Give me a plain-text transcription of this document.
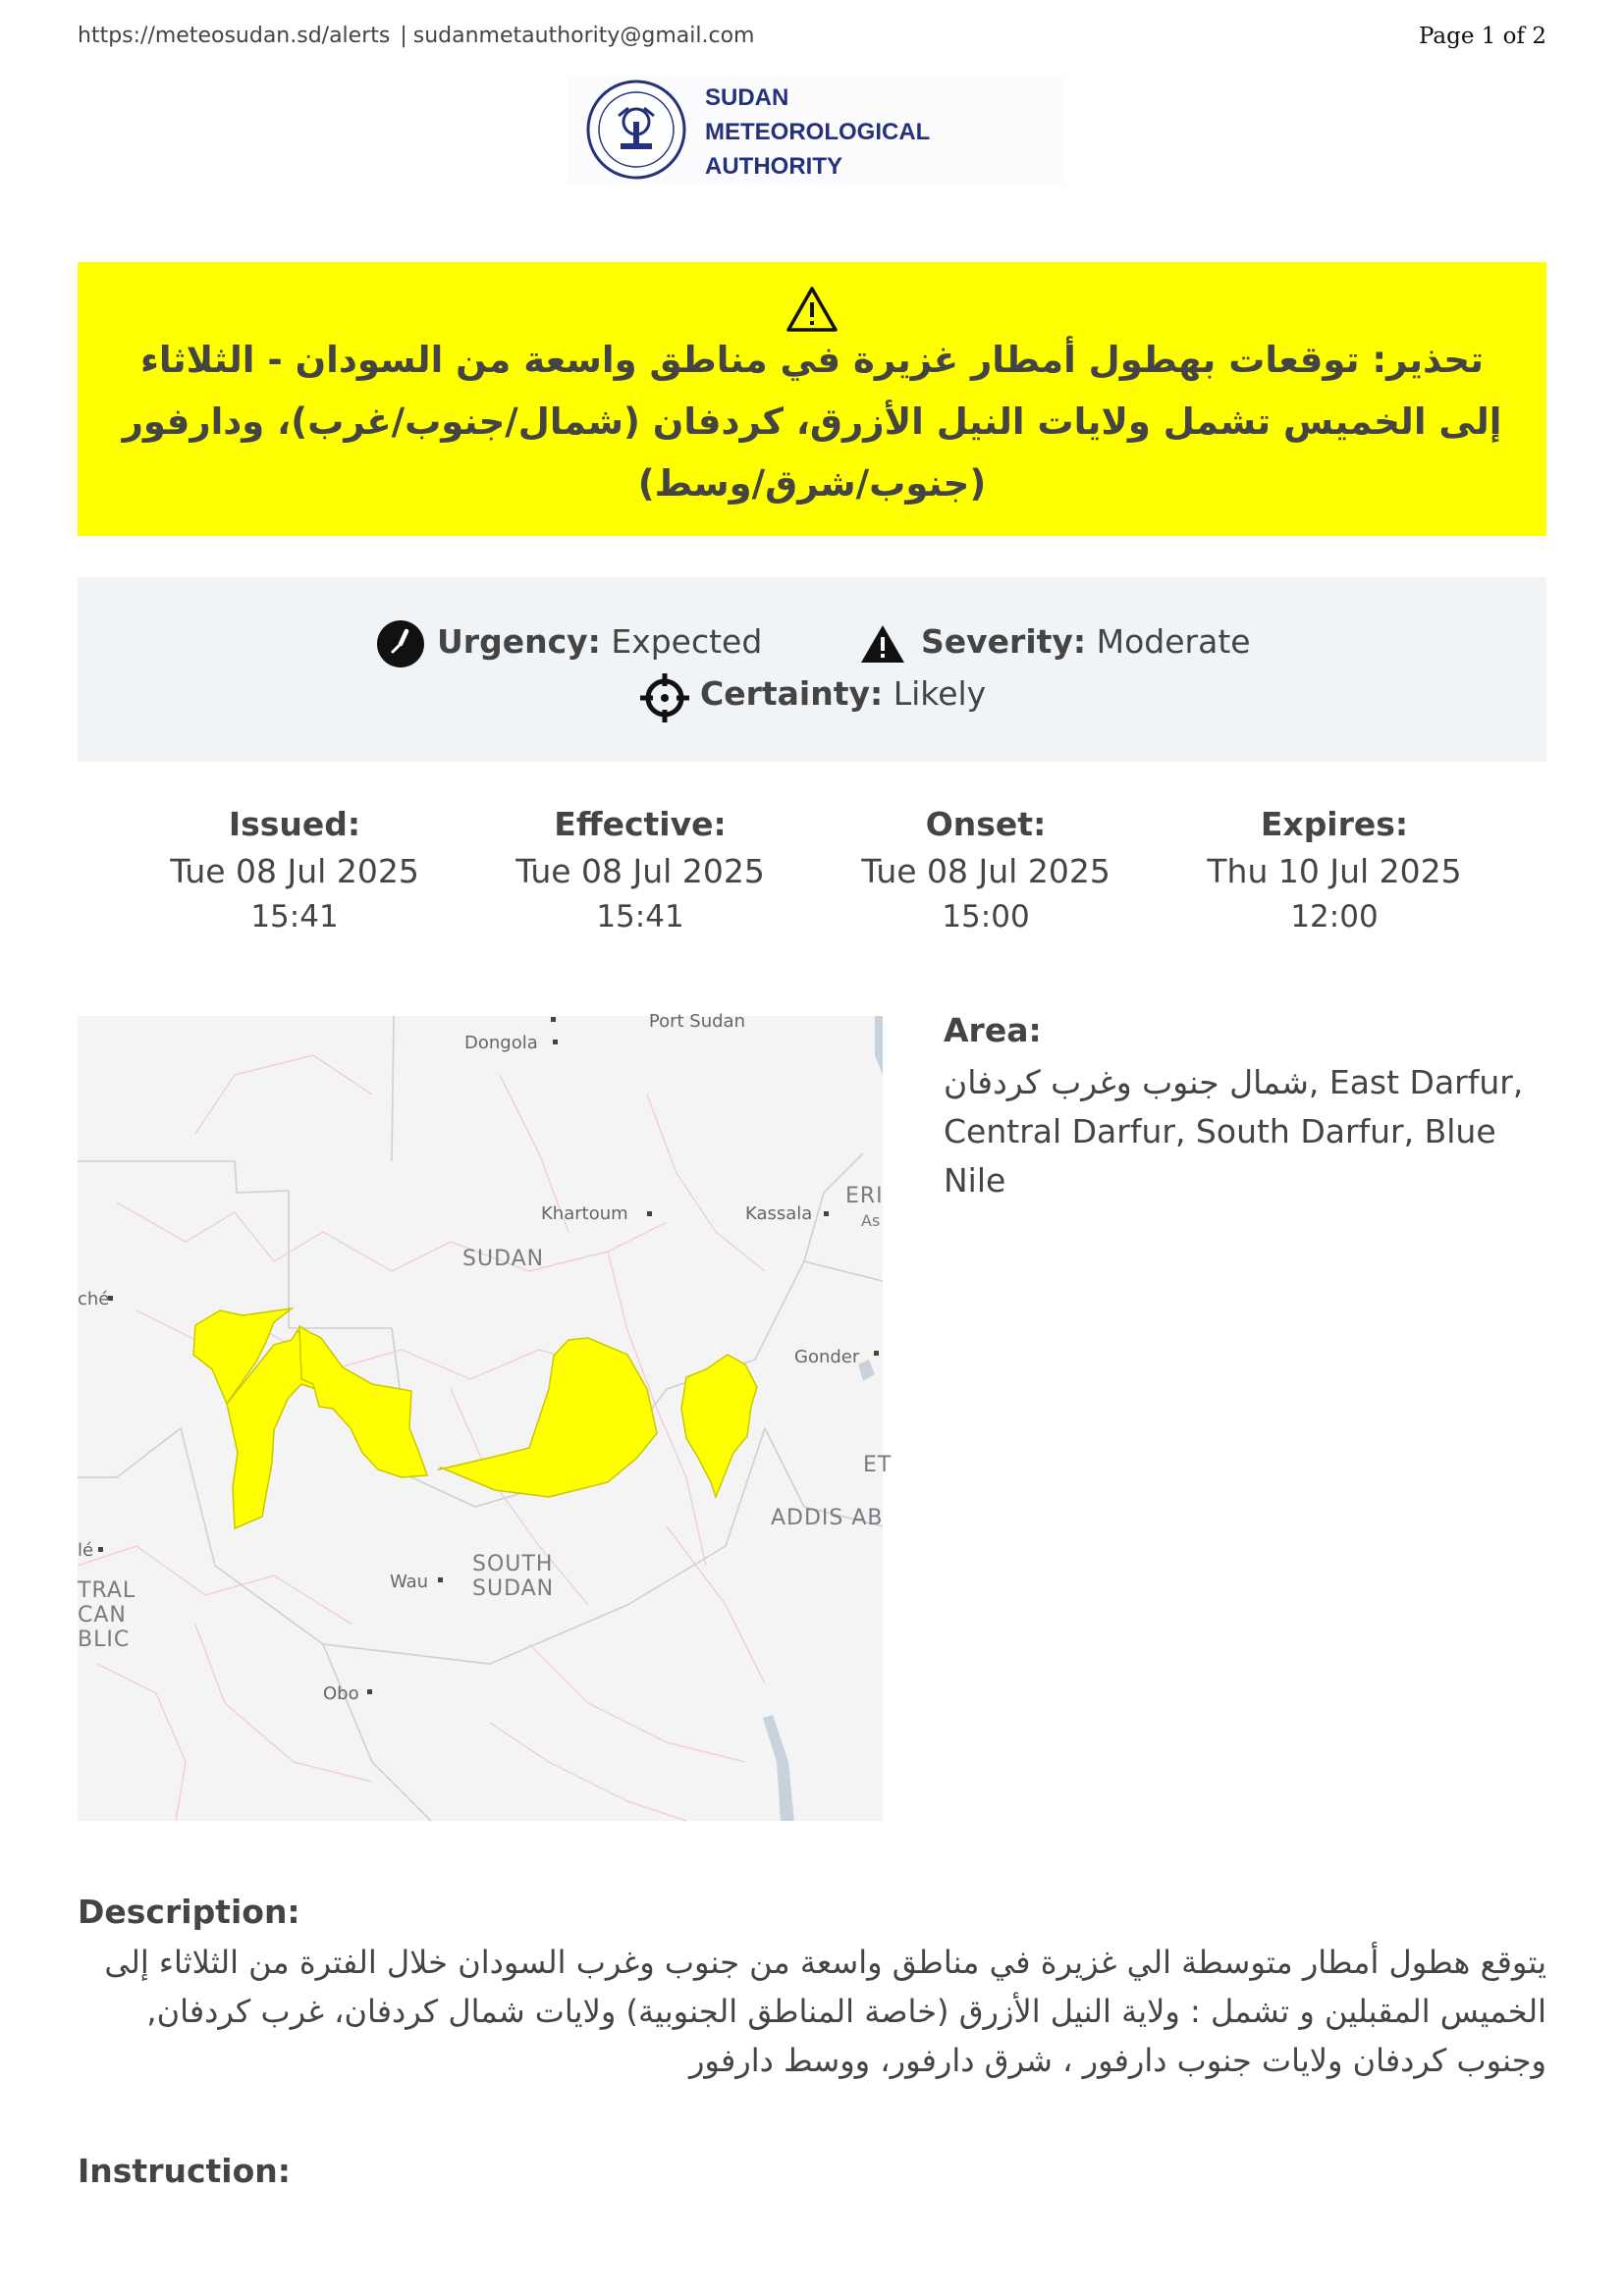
https://meteosudan.sd/alerts | sudanmetauthority@gmail.com	Page 1 of 2
SUDAN
METEOROLOGICAL
AUTHORITY
تحذير: توقعات بهطول أمطار غزيرة في مناطق واسعة من السودان - الثلاثاء إلى الخميس تشمل ولايات النيل الأزرق، كردفان (شمال/جنوب/غرب)، ودارفور (جنوب/شرق/وسط)
Urgency: Expected	Severity: Moderate
Certainty: Likely
Issued:
Tue 08 Jul 2025
15:41
Effective:
Tue 08 Jul 2025
15:41
Onset:
Tue 08 Jul 2025
15:00
Expires:
Thu 10 Jul 2025
12:00
Port Sudan
Dongola
Khartoum	Kassala
Gonder
Wau
Obo
ché
lé
SUDAN
SOUTH
SUDAN
ADDIS AB
ERI
ET
TRAL
CAN
BLIC
As
Area:
شمال جنوب وغرب كردفان, East Darfur, Central Darfur, South Darfur, Blue Nile
Description:
يتوقع هطول أمطار متوسطة الي غزيرة في مناطق واسعة من جنوب وغرب السودان خلال الفترة من الثلاثاء إلى الخميس المقبلين و تشمل : ولاية النيل الأزرق (خاصة المناطق الجنوبية) ولايات شمال كردفان، غرب كردفان, وجنوب كردفان ولايات جنوب دارفور ، شرق دارفور، ووسط دارفور
Instruction:
